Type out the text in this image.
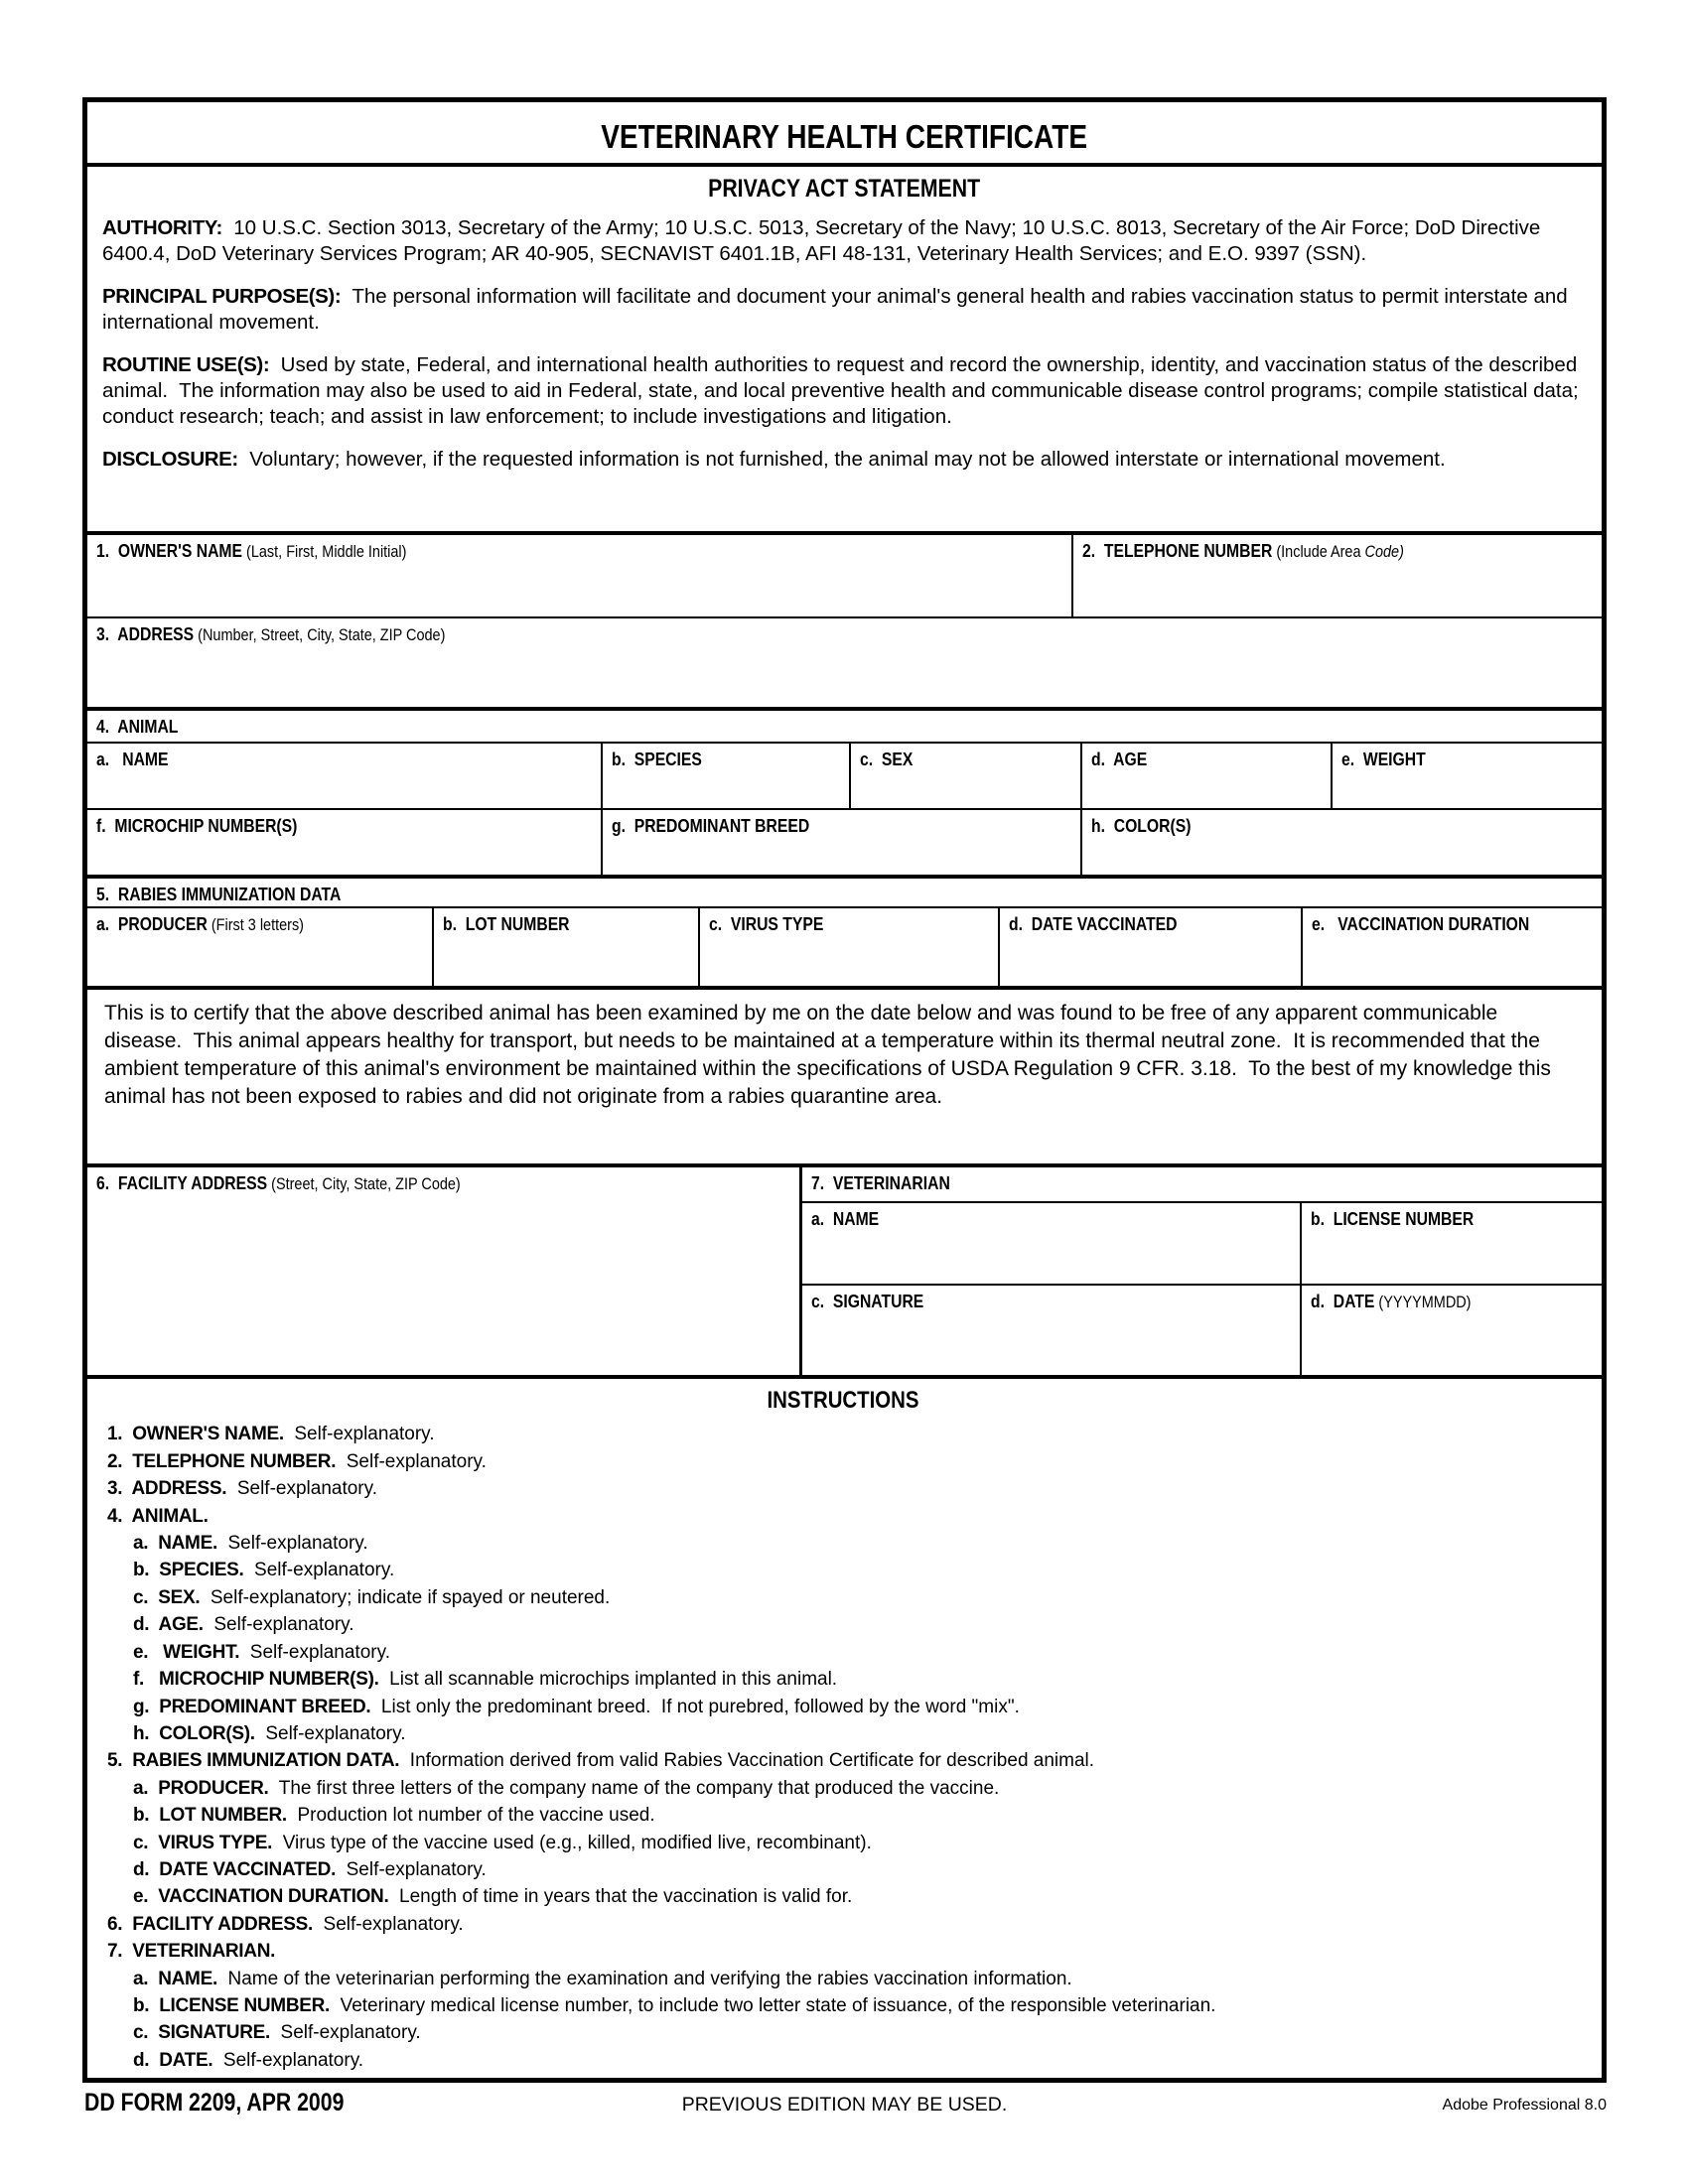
VETERINARY HEALTH CERTIFICATE
PRIVACY ACT STATEMENT
AUTHORITY:  10 U.S.C. Section 3013, Secretary of the Army; 10 U.S.C. 5013, Secretary of the Navy; 10 U.S.C. 8013, Secretary of the Air Force; DoD Directive 6400.4, DoD Veterinary Services Program; AR 40-905, SECNAVIST 6401.1B, AFI 48-131, Veterinary Health Services; and E.O. 9397 (SSN).
PRINCIPAL PURPOSE(S):  The personal information will facilitate and document your animal's general health and rabies vaccination status to permit interstate and international movement.
ROUTINE USE(S):  Used by state, Federal, and international health authorities to request and record the ownership, identity, and vaccination status of the described animal.  The information may also be used to aid in Federal, state, and local preventive health and communicable disease control programs; compile statistical data; conduct research; teach; and assist in law enforcement; to include investigations and litigation.
DISCLOSURE:  Voluntary; however, if the requested information is not furnished, the animal may not be allowed interstate or international movement.
1.  OWNER'S NAME (Last, First, Middle Initial)	2.  TELEPHONE NUMBER (Include Area Code)
3.  ADDRESS (Number, Street, City, State, ZIP Code)
4.  ANIMAL
a.   NAME	b.  SPECIES	c.  SEX	d.  AGE	e.  WEIGHT
f.  MICROCHIP NUMBER(S)	g.  PREDOMINANT BREED	h.  COLOR(S)
5.  RABIES IMMUNIZATION DATA
a.  PRODUCER (First 3 letters)	b.  LOT NUMBER	c.  VIRUS TYPE	d.  DATE VACCINATED	e.   VACCINATION DURATION
This is to certify that the above described animal has been examined by me on the date below and was found to be free of any apparent communicable disease.  This animal appears healthy for transport, but needs to be maintained at a temperature within its thermal neutral zone.  It is recommended that the ambient temperature of this animal's environment be maintained within the specifications of USDA Regulation 9 CFR. 3.18.  To the best of my knowledge this animal has not been exposed to rabies and did not originate from a rabies quarantine area.
6.  FACILITY ADDRESS (Street, City, State, ZIP Code)	7.  VETERINARIAN
a.  NAME	b.  LICENSE NUMBER
c.  SIGNATURE	d.  DATE (YYYYMMDD)
INSTRUCTIONS
1.  OWNER'S NAME.  Self-explanatory.
2.  TELEPHONE NUMBER.  Self-explanatory.
3.  ADDRESS.  Self-explanatory.
4.  ANIMAL.
a.  NAME.  Self-explanatory.
b.  SPECIES.  Self-explanatory.
c.  SEX.  Self-explanatory; indicate if spayed or neutered.
d.  AGE.  Self-explanatory.
e.   WEIGHT.  Self-explanatory.
f.   MICROCHIP NUMBER(S).  List all scannable microchips implanted in this animal.
g.  PREDOMINANT BREED.  List only the predominant breed.  If not purebred, followed by the word "mix".
h.  COLOR(S).  Self-explanatory.
5.  RABIES IMMUNIZATION DATA.  Information derived from valid Rabies Vaccination Certificate for described animal.
a.  PRODUCER.  The first three letters of the company name of the company that produced the vaccine.
b.  LOT NUMBER.  Production lot number of the vaccine used.
c.  VIRUS TYPE.  Virus type of the vaccine used (e.g., killed, modified live, recombinant).
d.  DATE VACCINATED.  Self-explanatory.
e.  VACCINATION DURATION.  Length of time in years that the vaccination is valid for.
6.  FACILITY ADDRESS.  Self-explanatory.
7.  VETERINARIAN.
a.  NAME.  Name of the veterinarian performing the examination and verifying the rabies vaccination information.
b.  LICENSE NUMBER.  Veterinary medical license number, to include two letter state of issuance, of the responsible veterinarian.
c.  SIGNATURE.  Self-explanatory.
d.  DATE.  Self-explanatory.
DD FORM 2209, APR 2009	PREVIOUS EDITION MAY BE USED.	Adobe Professional 8.0
